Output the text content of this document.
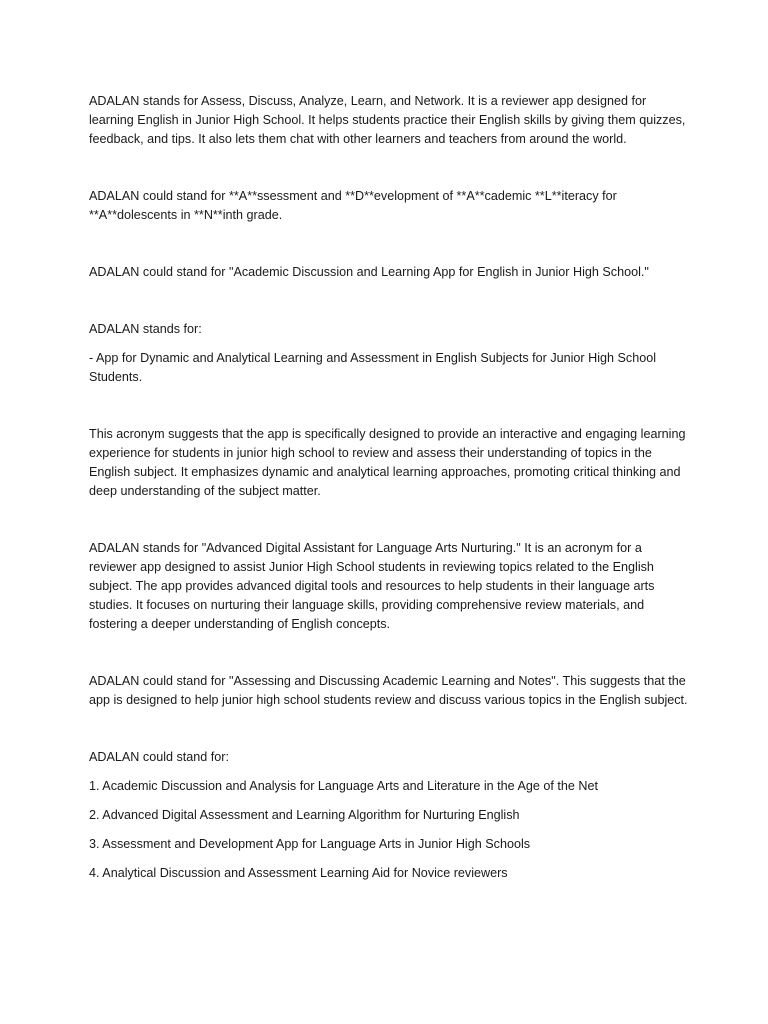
ADALAN stands for Assess, Discuss, Analyze, Learn, and Network. It is a reviewer app designed for learning English in Junior High School. It helps students practice their English skills by giving them quizzes, feedback, and tips. It also lets them chat with other learners and teachers from around the world.

ADALAN could stand for **A**ssessment and **D**evelopment of **A**cademic **L**iteracy for **A**dolescents in **N**inth grade.

ADALAN could stand for "Academic Discussion and Learning App for English in Junior High School."

ADALAN stands for:

- App for Dynamic and Analytical Learning and Assessment in English Subjects for Junior High School Students.

This acronym suggests that the app is specifically designed to provide an interactive and engaging learning experience for students in junior high school to review and assess their understanding of topics in the English subject. It emphasizes dynamic and analytical learning approaches, promoting critical thinking and deep understanding of the subject matter.

ADALAN stands for "Advanced Digital Assistant for Language Arts Nurturing." It is an acronym for a reviewer app designed to assist Junior High School students in reviewing topics related to the English subject. The app provides advanced digital tools and resources to help students in their language arts studies. It focuses on nurturing their language skills, providing comprehensive review materials, and fostering a deeper understanding of English concepts.

ADALAN could stand for "Assessing and Discussing Academic Learning and Notes". This suggests that the app is designed to help junior high school students review and discuss various topics in the English subject.

ADALAN could stand for:

1. Academic Discussion and Analysis for Language Arts and Literature in the Age of the Net

2. Advanced Digital Assessment and Learning Algorithm for Nurturing English

3. Assessment and Development App for Language Arts in Junior High Schools

4. Analytical Discussion and Assessment Learning Aid for Novice reviewers
